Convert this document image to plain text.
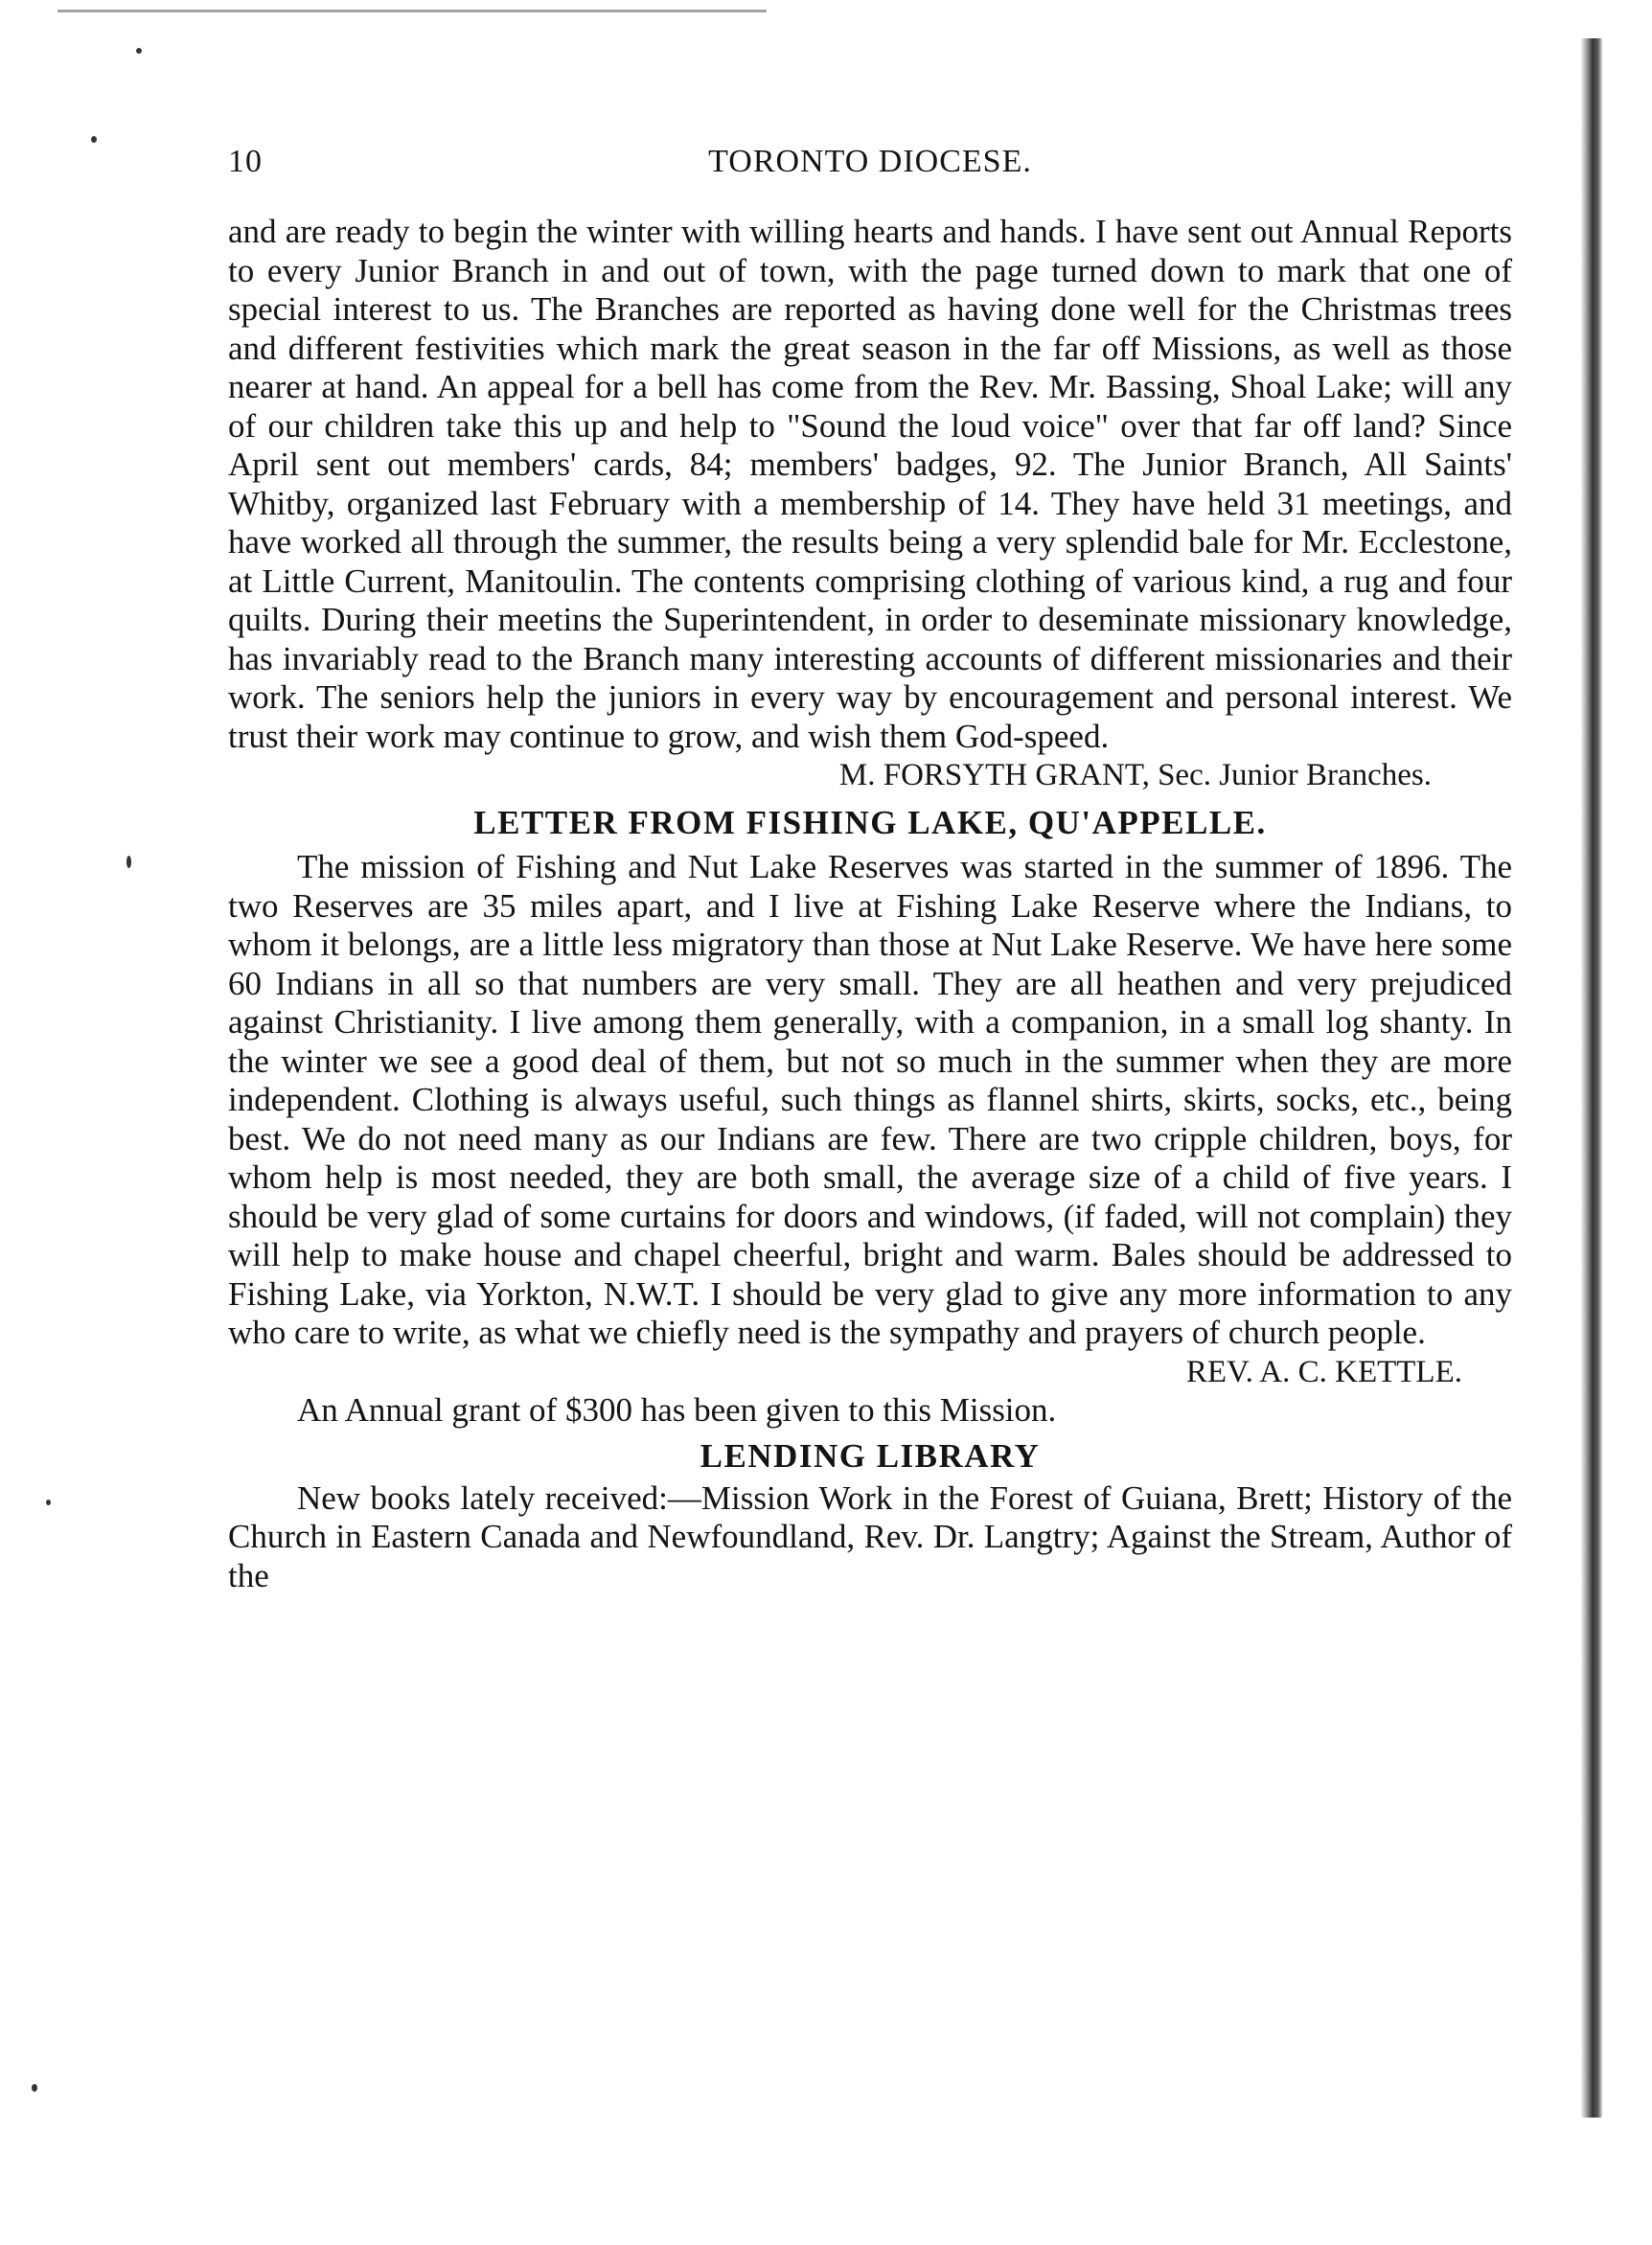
10	TORONTO DIOCESE.

and are ready to begin the winter with willing hearts and hands. I have sent out Annual Reports to every Junior Branch in and out of town, with the page turned down to mark that one of special interest to us. The Branches are reported as having done well for the Christmas trees and different festivities which mark the great season in the far off Missions, as well as those nearer at hand. An appeal for a bell has come from the Rev. Mr. Bassing, Shoal Lake; will any of our children take this up and help to "Sound the loud voice" over that far off land? Since April sent out members' cards, 84; members' badges, 92. The Junior Branch, All Saints' Whitby, organized last February with a membership of 14. They have held 31 meetings, and have worked all through the summer, the results being a very splendid bale for Mr. Ecclestone, at Little Current, Manitoulin. The contents comprising clothing of various kind, a rug and four quilts. During their meetins the Superintendent, in order to deseminate missionary knowledge, has invariably read to the Branch many interesting accounts of different missionaries and their work. The seniors help the juniors in every way by encouragement and personal interest. We trust their work may continue to grow, and wish them God-speed.

M. FORSYTH GRANT, Sec. Junior Branches.

LETTER FROM FISHING LAKE, QU'APPELLE.

The mission of Fishing and Nut Lake Reserves was started in the summer of 1896. The two Reserves are 35 miles apart, and I live at Fishing Lake Reserve where the Indians, to whom it belongs, are a little less migratory than those at Nut Lake Reserve. We have here some 60 Indians in all so that numbers are very small. They are all heathen and very prejudiced against Christianity. I live among them generally, with a companion, in a small log shanty. In the winter we see a good deal of them, but not so much in the summer when they are more independent. Clothing is always useful, such things as flannel shirts, skirts, socks, etc., being best. We do not need many as our Indians are few. There are two cripple children, boys, for whom help is most needed, they are both small, the average size of a child of five years. I should be very glad of some curtains for doors and windows, (if faded, will not complain) they will help to make house and chapel cheerful, bright and warm. Bales should be addressed to Fishing Lake, via Yorkton, N.W.T. I should be very glad to give any more information to any who care to write, as what we chiefly need is the sympathy and prayers of church people.

REV. A. C. KETTLE.

An Annual grant of $300 has been given to this Mission.

LENDING LIBRARY

New books lately received:—Mission Work in the Forest of Guiana, Brett; History of the Church in Eastern Canada and Newfoundland, Rev. Dr. Langtry; Against the Stream, Author of the
